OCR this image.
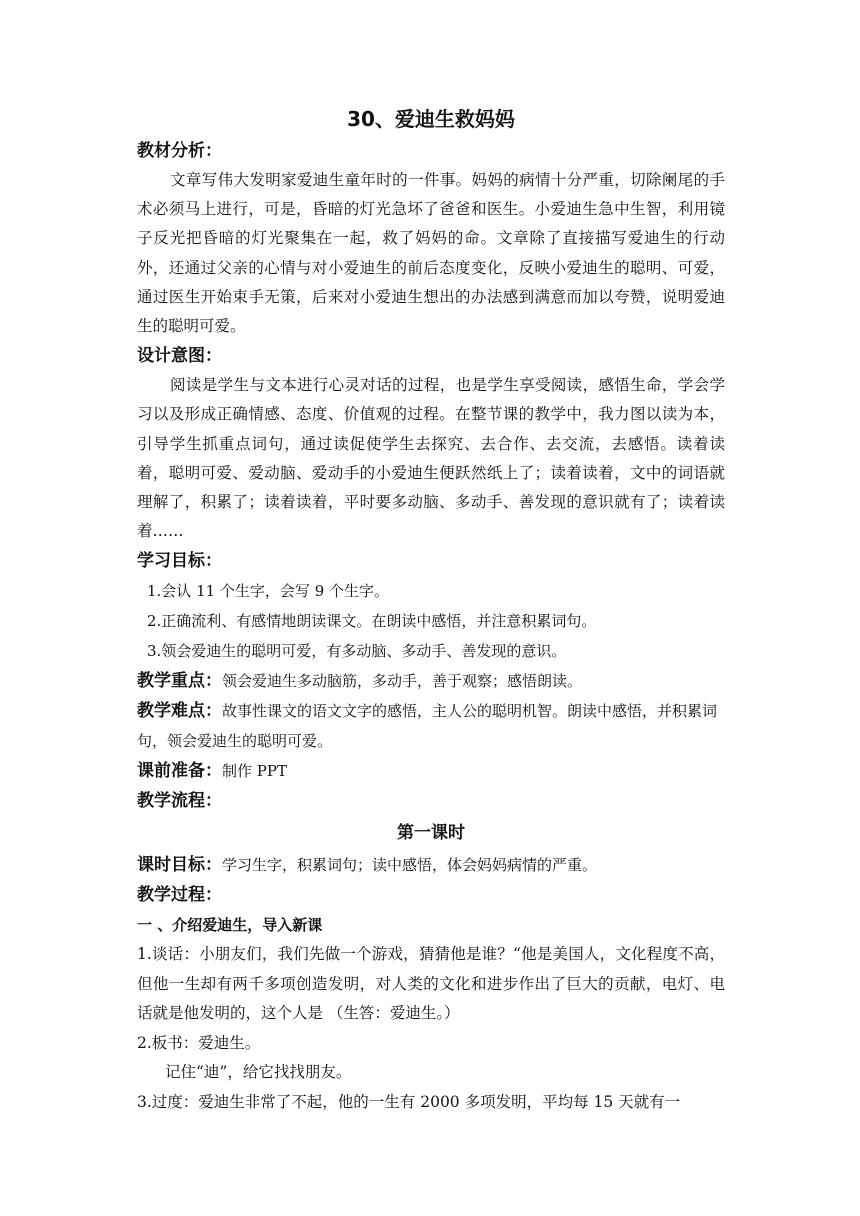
30、爱迪生救妈妈
教材分析：

文章写伟大发明家爱迪生童年时的一件事。妈妈的病情十分严重，切除阑尾的手术必须马上进行，可是，昏暗的灯光急坏了爸爸和医生。小爱迪生急中生智，利用镜子反光把昏暗的灯光聚集在一起，救了妈妈的命。文章除了直接描写爱迪生的行动外，还通过父亲的心情与对小爱迪生的前后态度变化，反映小爱迪生的聪明、可爱，通过医生开始束手无策，后来对小爱迪生想出的办法感到满意而加以夸赞，说明爱迪生的聪明可爱。

设计意图：

阅读是学生与文本进行心灵对话的过程，也是学生享受阅读，感悟生命，学会学习以及形成正确情感、态度、价值观的过程。在整节课的教学中，我力图以读为本，引导学生抓重点词句，通过读促使学生去探究、去合作、去交流，去感悟。读着读着，聪明可爱、爱动脑、爱动手的小爱迪生便跃然纸上了；读着读着，文中的词语就理解了，积累了；读着读着，平时要多动脑、多动手、善发现的意识就有了；读着读着……

学习目标：

1.会认 11 个生字，会写 9 个生字。

2.正确流利、有感情地朗读课文。在朗读中感悟，并注意积累词句。

3.领会爱迪生的聪明可爱，有多动脑、多动手、善发现的意识。

教学重点：领会爱迪生多动脑筋，多动手，善于观察；感悟朗读。

教学难点：故事性课文的语文文字的感悟，主人公的聪明机智。朗读中感悟，并积累词句，领会爱迪生的聪明可爱。

课前准备：制作 PPT

教学流程：
第一课时

课时目标：学习生字，积累词句；读中感悟，体会妈妈病情的严重。

教学过程：
一 、介绍爱迪生，导入新课

1.谈话：小朋友们，我们先做一个游戏，猜猜他是谁？“他是美国人，文化程度不高，但他一生却有两千多项创造发明，对人类的文化和进步作出了巨大的贡献，电灯、电话就是他发明的，这个人是 （生答：爱迪生。）

2.板书：爱迪生。

记住“迪”，给它找找朋友。

3.过度：爱迪生非常了不起，他的一生有 2000 多项发明，平均每 15 天就有一
